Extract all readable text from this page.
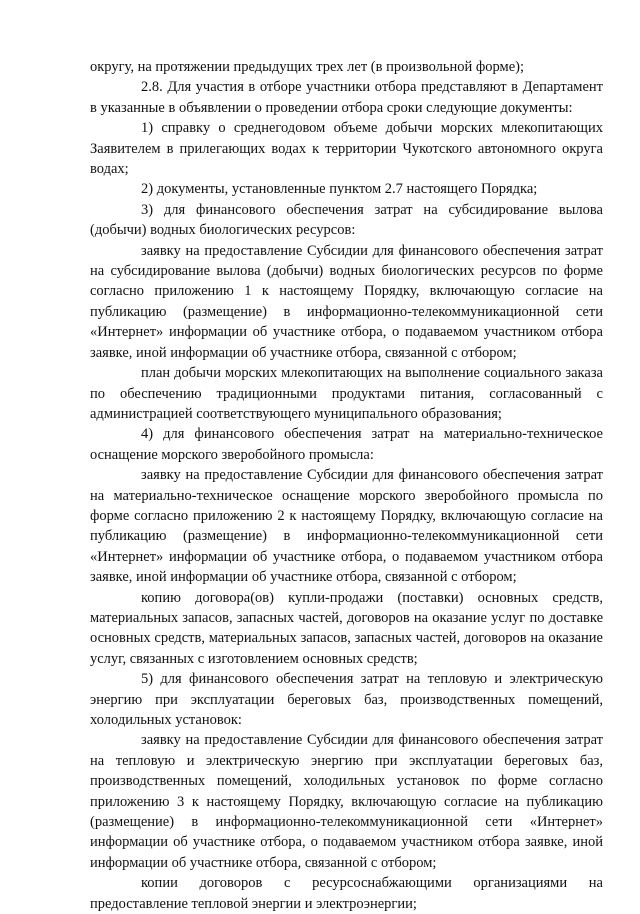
округу, на протяжении предыдущих трех лет (в произвольной форме);

2.8. Для участия в отборе участники отбора представляют в Департамент в указанные в объявлении о проведении отбора сроки следующие документы:

1) справку о среднегодовом объеме добычи морских млекопитающих Заявителем в прилегающих водах к территории Чукотского автономного округа водах;

2) документы, установленные пунктом 2.7 настоящего Порядка;

3) для финансового обеспечения затрат на субсидирование вылова (добычи) водных биологических ресурсов:

заявку на предоставление Субсидии для финансового обеспечения затрат на субсидирование вылова (добычи) водных биологических ресурсов по форме согласно приложению 1 к настоящему Порядку, включающую согласие на публикацию (размещение) в информационно-телекоммуникационной сети «Интернет» информации об участнике отбора, о подаваемом участником отбора заявке, иной информации об участнике отбора, связанной с отбором;

план добычи морских млекопитающих на выполнение социального заказа по обеспечению традиционными продуктами питания, согласованный с администрацией соответствующего муниципального образования;

4) для финансового обеспечения затрат на материально-техническое оснащение морского зверобойного промысла:

заявку на предоставление Субсидии для финансового обеспечения затрат на материально-техническое оснащение морского зверобойного промысла по форме согласно приложению 2 к настоящему Порядку, включающую согласие на публикацию (размещение) в информационно-телекоммуникационной сети «Интернет» информации об участнике отбора, о подаваемом участником отбора заявке, иной информации об участнике отбора, связанной с отбором;

копию договора(ов) купли-продажи (поставки) основных средств, материальных запасов, запасных частей, договоров на оказание услуг по доставке основных средств, материальных запасов, запасных частей, договоров на оказание услуг, связанных с изготовлением основных средств;

5) для финансового обеспечения затрат на тепловую и электрическую энергию при эксплуатации береговых баз, производственных помещений, холодильных установок:

заявку на предоставление Субсидии для финансового обеспечения затрат на тепловую и электрическую энергию при эксплуатации береговых баз, производственных помещений, холодильных установок по форме согласно приложению 3 к настоящему Порядку, включающую согласие на публикацию (размещение) в информационно-телекоммуникационной сети «Интернет» информации об участнике отбора, о подаваемом участником отбора заявке, иной информации об участнике отбора, связанной с отбором;

копии договоров с ресурсоснабжающими организациями на предоставление тепловой энергии и электроэнергии;
